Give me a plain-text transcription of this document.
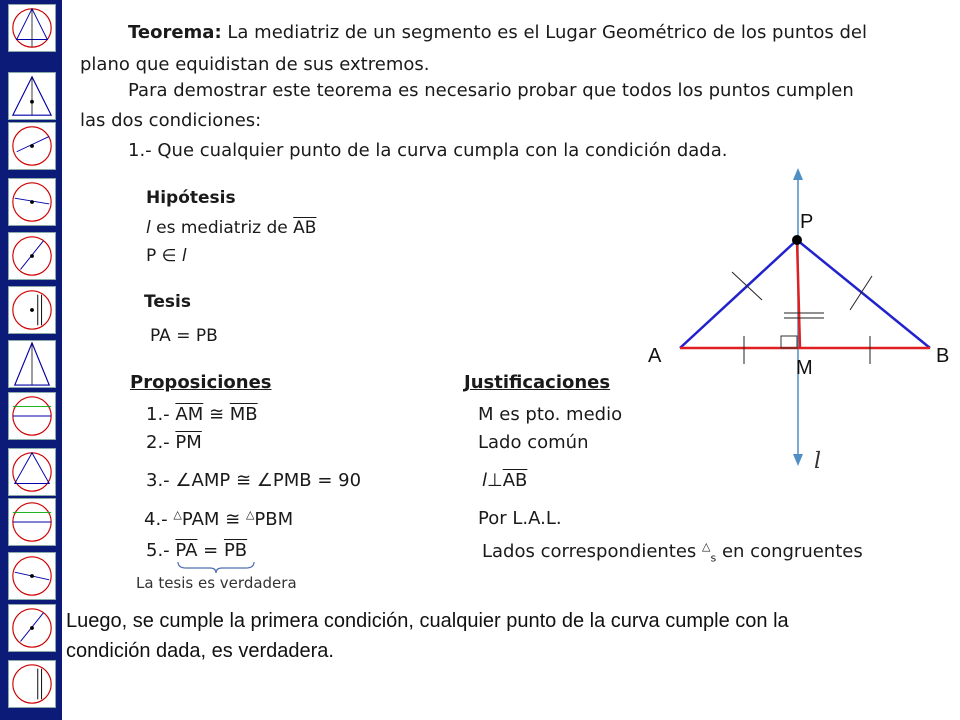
Teorema: La mediatriz de un segmento es el Lugar Geométrico de los puntos del
plano que equidistan de sus extremos.
Para demostrar este teorema es necesario probar que todos los puntos cumplen
las dos condiciones:
1.- Que cualquier punto de la curva cumpla con la condición dada.
Hipótesis
l es mediatriz de $\overline{AB}$
P ∈ l
Tesis
PA = PB
Proposiciones	Justificaciones
1.- $\overline{AM}$ ≅ $\overline{MB}$	M es pto. medio
2.- $\overline{PM}$	Lado común
3.- ∠AMP ≅ ∠PMB = 90	$l\perp\overline{AB}$
4.- △PAM ≅ △PBM	Por L.A.L.
5.- $\overline{PA} = \overline{PB}$	Lados correspondientes △$_s$ en congruentes
La tesis es verdadera
Luego, se cumple la primera condición, cualquier punto de la curva cumple con la
condición dada, es verdadera.
P
A	B
M
l
